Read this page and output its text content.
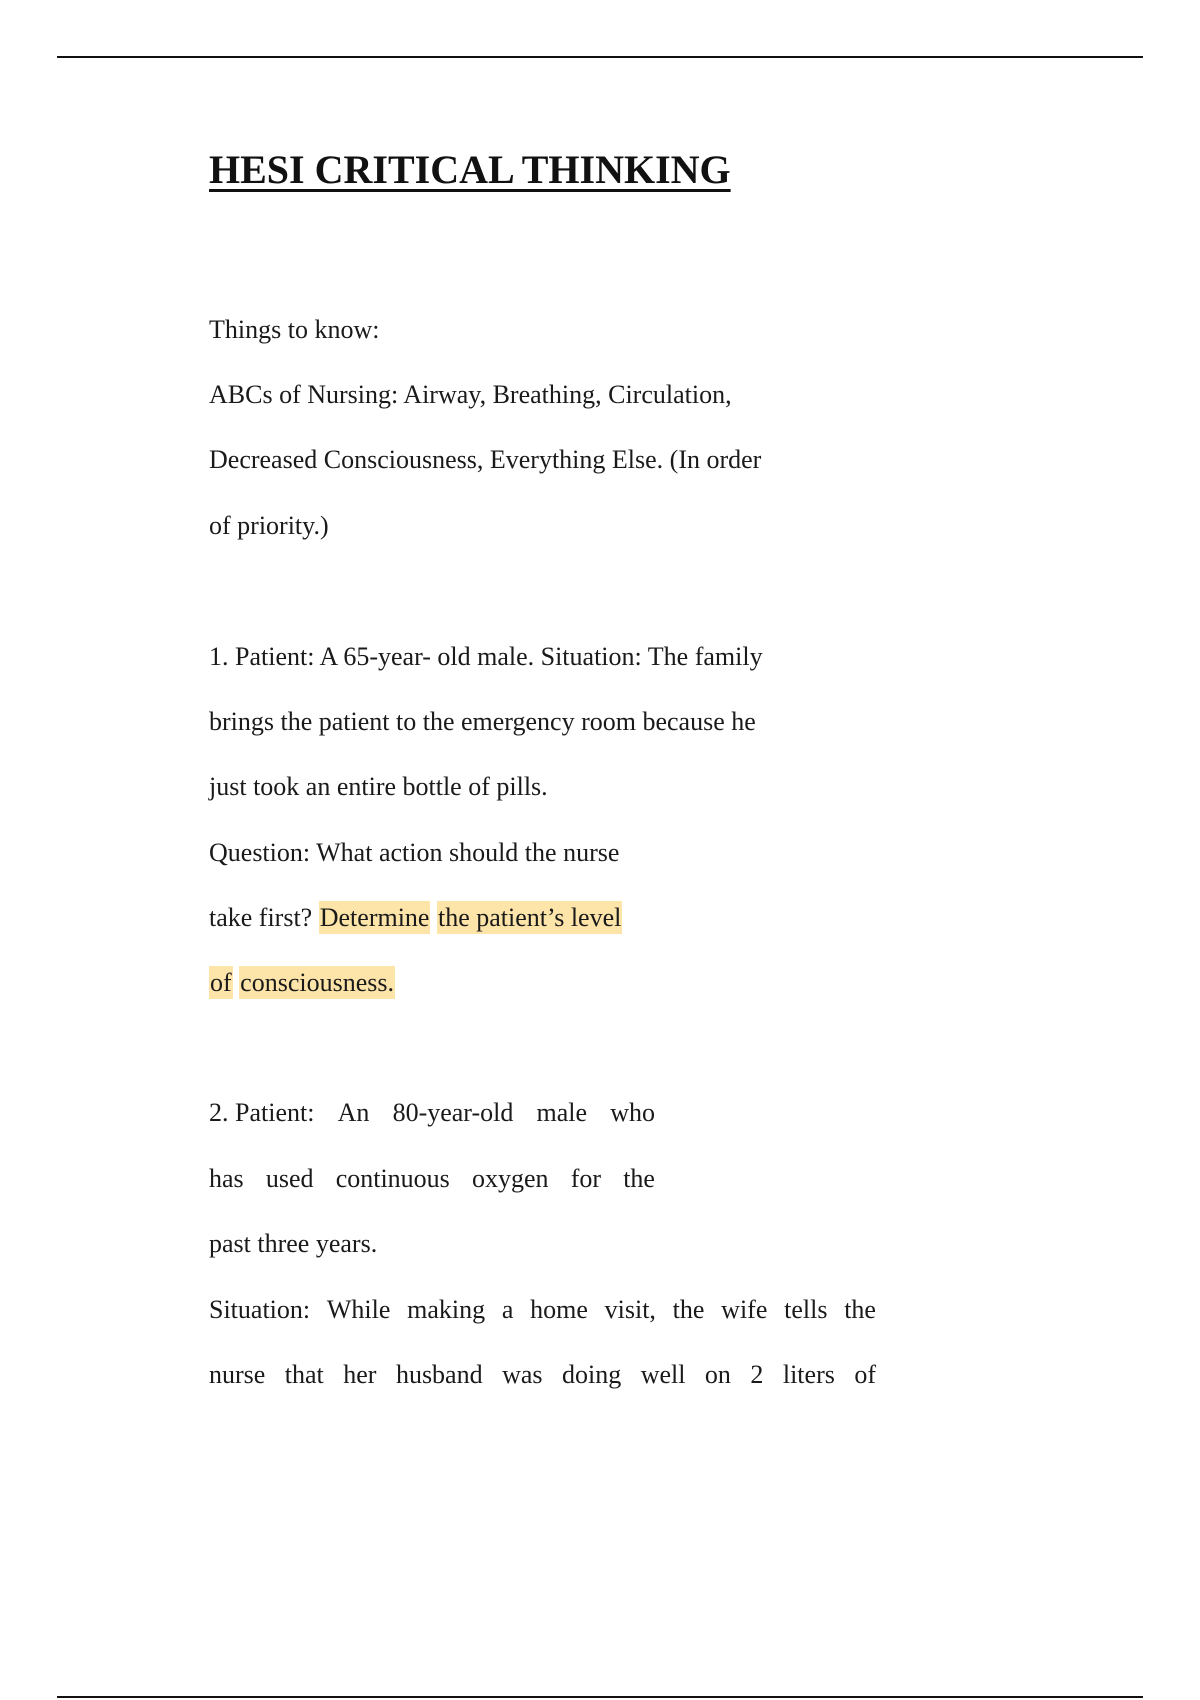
HESI CRITICAL THINKING
Things to know:
ABCs of Nursing: Airway, Breathing, Circulation,
Decreased Consciousness, Everything Else. (In order
of priority.)
1. Patient: A 65-year- old male. Situation: The family
brings the patient to the emergency room because he
just took an entire bottle of pills.
Question: What action should the nurse
take first? Determine the patient’s level
of consciousness.
2. Patient: An 80-year-old male who
has used continuous oxygen for the
past three years.
Situation: While making a home visit, the wife tells the
nurse that her husband was doing well on 2 liters of
